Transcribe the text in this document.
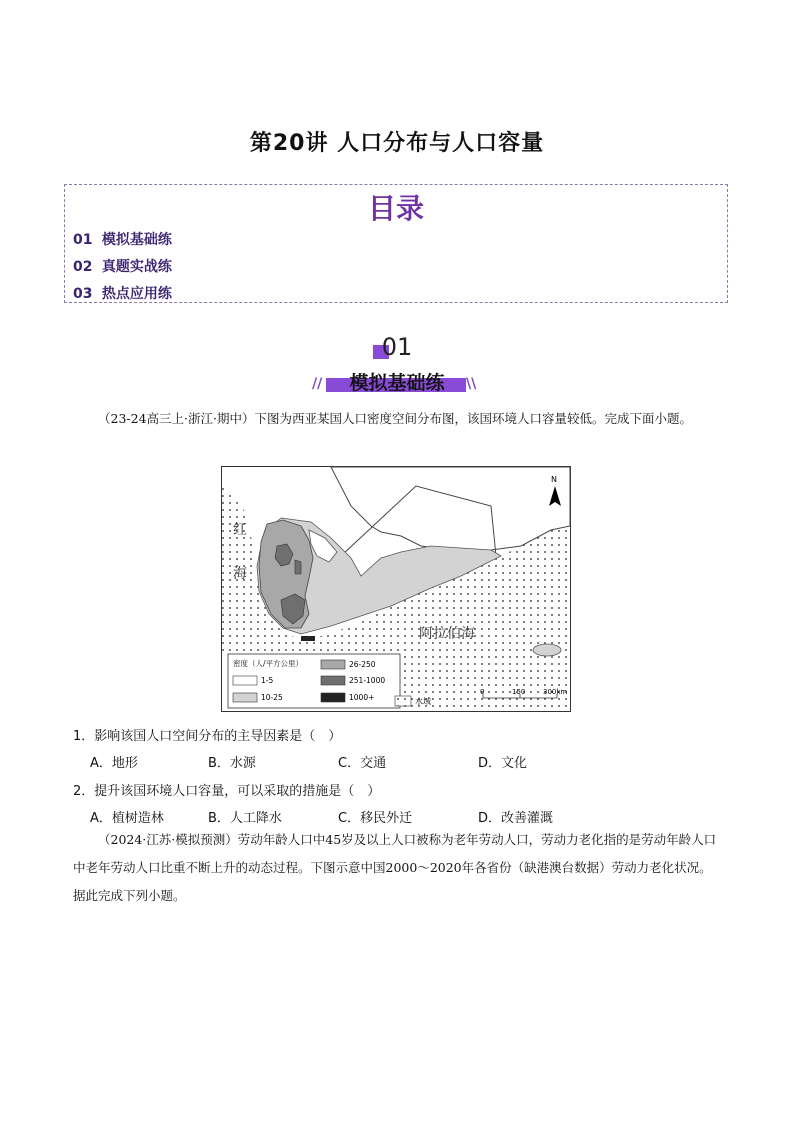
第20讲 人口分布与人口容量
目录
01 模拟基础练
02 真题实战练
03 热点应用练
01
//	\\
模拟基础练
（23-24高三上·浙江·期中）下图为西亚某国人口密度空间分布图，该国环境人口容量较低。完成下面小题。
红
海
阿拉伯海
N
密度（人/平方公里）	26-250
1-5	251-1000
10-25	1000+	水域
0	150	300km
1．影响该国人口空间分布的主导因素是（　）
A．地形	B．水源	C．交通	D．文化
2．提升该国环境人口容量，可以采取的措施是（　）
A．植树造林	B．人工降水	C．移民外迁	D．改善灌溉
（2024·江苏·模拟预测）劳动年龄人口中45岁及以上人口被称为老年劳动人口，劳动力老化指的是劳动年龄人口中老年劳动人口比重不断上升的动态过程。下图示意中国2000～2020年各省份（缺港澳台数据）劳动力老化状况。据此完成下列小题。
